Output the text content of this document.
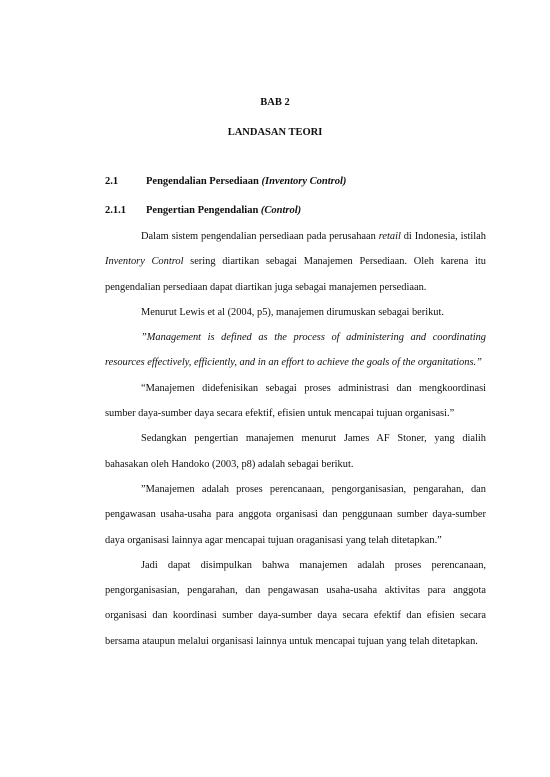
BAB 2
LANDASAN TEORI
2.1	Pengendalian Persediaan (Inventory Control)
2.1.1 Pengertian Pengendalian (Control)

Dalam sistem pengendalian persediaan pada perusahaan retail di Indonesia, istilah Inventory Control sering diartikan sebagai Manajemen Persediaan. Oleh karena itu pengendalian persediaan dapat diartikan juga sebagai manajemen persediaan.

Menurut Lewis et al (2004, p5), manajemen dirumuskan sebagai berikut.

”Management is defined as the process of administering and coordinating resources effectively, efficiently, and in an effort to achieve the goals of the organitations.”

“Manajemen didefenisikan sebagai proses administrasi dan mengkoordinasi sumber daya-sumber daya secara efektif, efisien untuk mencapai tujuan organisasi.”

Sedangkan pengertian manajemen menurut James AF Stoner, yang dialih bahasakan oleh Handoko (2003, p8) adalah sebagai berikut.

”Manajemen adalah proses perencanaan, pengorganisasian, pengarahan, dan pengawasan usaha-usaha para anggota organisasi dan penggunaan sumber daya-sumber daya organisasi lainnya agar mencapai tujuan oraganisasi yang telah ditetapkan.”

Jadi dapat disimpulkan bahwa manajemen adalah proses perencanaan, pengorganisasian, pengarahan, dan pengawasan usaha-usaha aktivitas para anggota organisasi dan koordinasi sumber daya-sumber daya secara efektif dan efisien secara bersama ataupun melalui organisasi lainnya untuk mencapai tujuan yang telah ditetapkan.
